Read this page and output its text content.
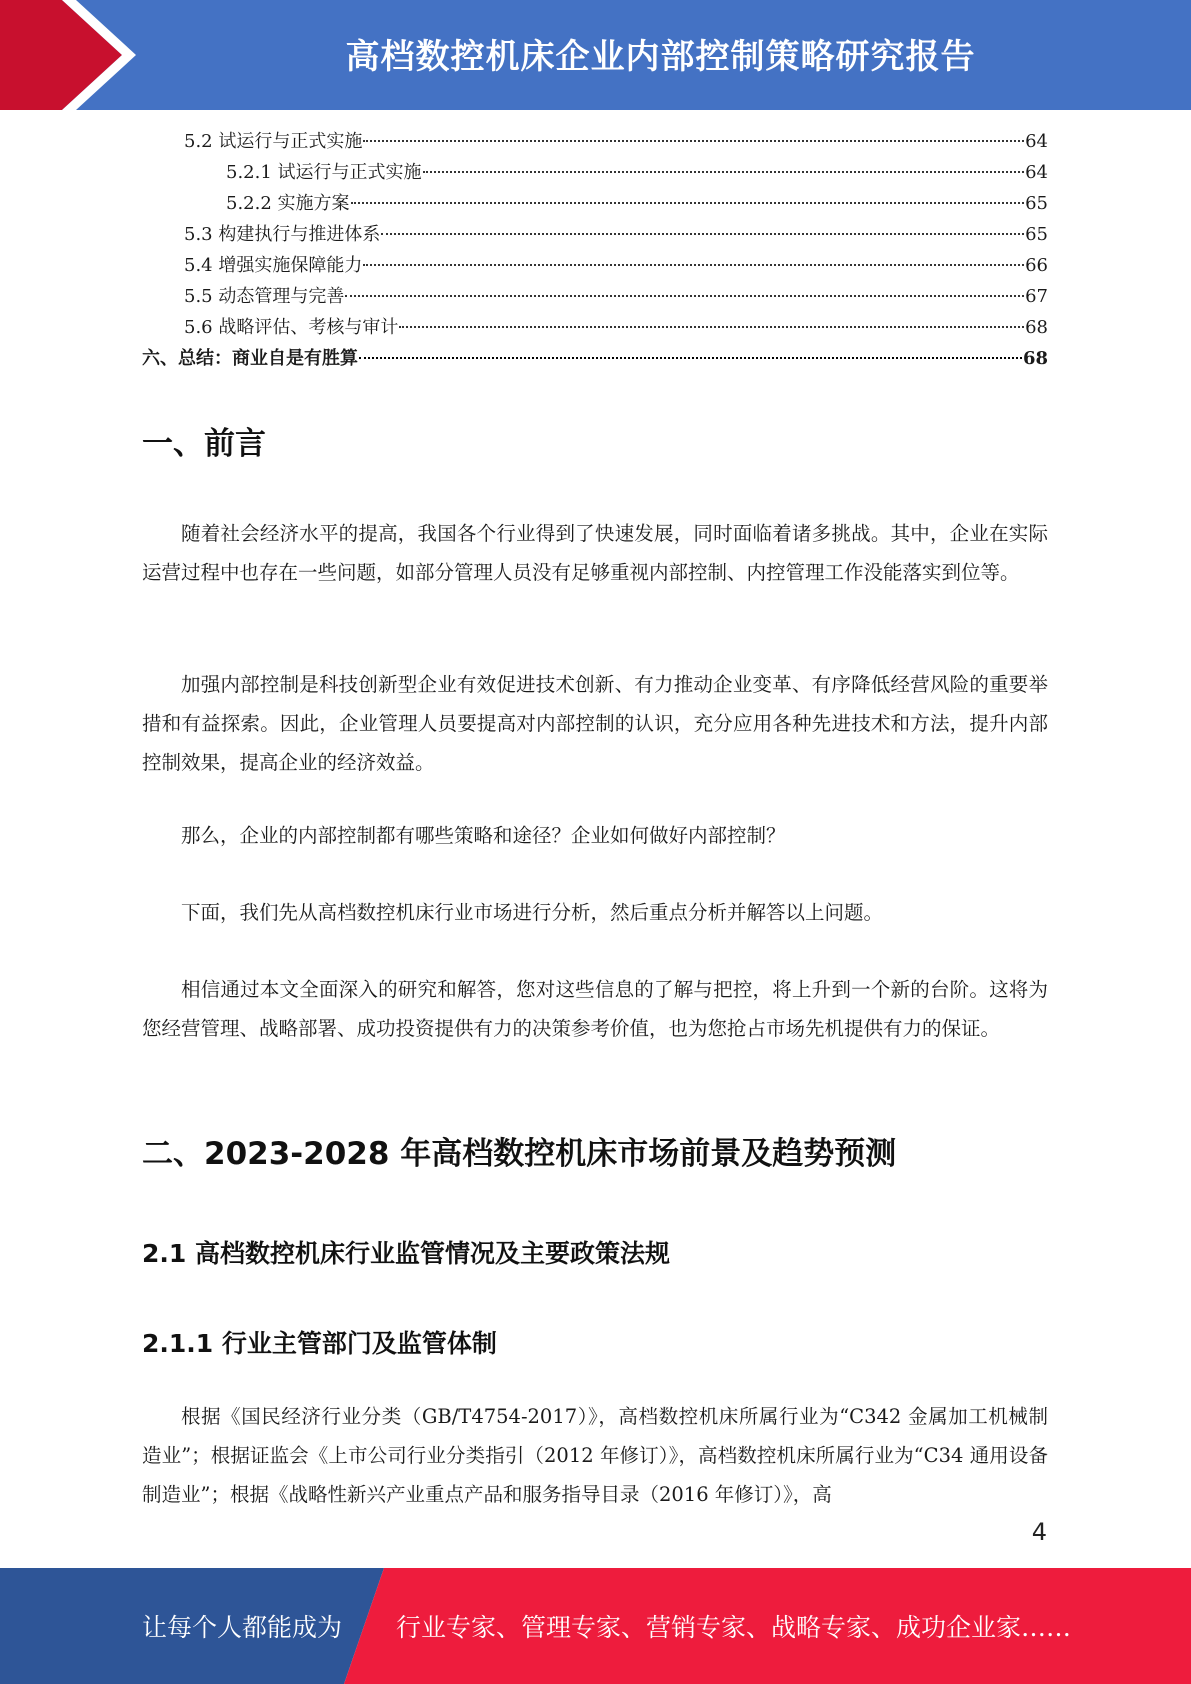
高档数控机床企业内部控制策略研究报告
5.2 试运行与正式实施	64
5.2.1 试运行与正式实施	64
5.2.2 实施方案	65
5.3 构建执行与推进体系	65
5.4 增强实施保障能力	66
5.5 动态管理与完善	67
5.6 战略评估、考核与审计	68
六、总结：商业自是有胜算	68
一、前言

随着社会经济水平的提高，我国各个行业得到了快速发展，同时面临着诸多挑战。其中，企业在实际运营过程中也存在一些问题，如部分管理人员没有足够重视内部控制、内控管理工作没能落实到位等。

加强内部控制是科技创新型企业有效促进技术创新、有力推动企业变革、有序降低经营风险的重要举措和有益探索。因此，企业管理人员要提高对内部控制的认识，充分应用各种先进技术和方法，提升内部控制效果，提高企业的经济效益。

那么，企业的内部控制都有哪些策略和途径？企业如何做好内部控制？

下面，我们先从高档数控机床行业市场进行分析，然后重点分析并解答以上问题。

相信通过本文全面深入的研究和解答，您对这些信息的了解与把控，将上升到一个新的台阶。这将为您经营管理、战略部署、成功投资提供有力的决策参考价值，也为您抢占市场先机提供有力的保证。

二、2023-2028 年高档数控机床市场前景及趋势预测
2.1 高档数控机床行业监管情况及主要政策法规
2.1.1 行业主管部门及监管体制

根据《国民经济行业分类（GB/T4754-2017）》，高档数控机床所属行业为“C342 金属加工机械制造业”；根据证监会《上市公司行业分类指引（2012 年修订）》，高档数控机床所属行业为“C34 通用设备制造业”；根据《战略性新兴产业重点产品和服务指导目录（2016 年修订）》，高

4
让每个人都能成为 行业专家、管理专家、营销专家、战略专家、成功企业家……
